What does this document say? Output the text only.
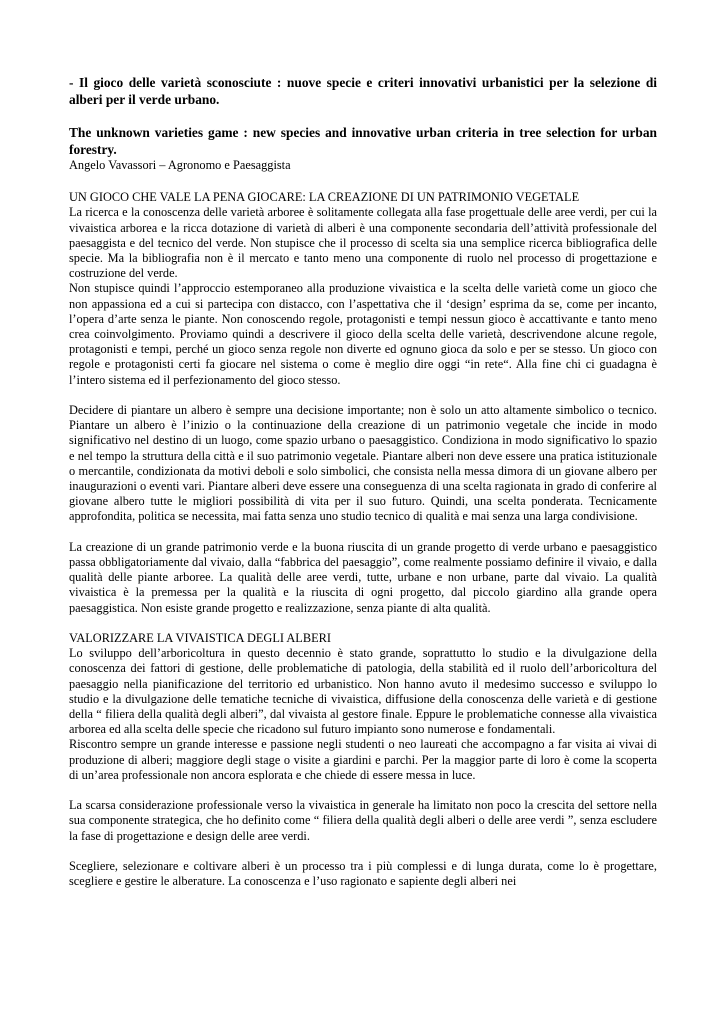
- Il gioco delle varietà sconosciute : nuove specie e criteri innovativi urbanistici per la selezione di alberi per il verde urbano.

The unknown varieties game : new species and innovative urban criteria in tree selection for urban forestry.

Angelo Vavassori – Agronomo e Paesaggista

UN GIOCO CHE VALE LA PENA GIOCARE: LA CREAZIONE DI UN PATRIMONIO VEGETALE

La ricerca e la conoscenza delle varietà arboree è solitamente collegata alla fase progettuale delle aree verdi, per cui la vivaistica arborea e la ricca dotazione di varietà di alberi è una componente secondaria dell’attività professionale del paesaggista e del tecnico del verde. Non stupisce che il processo di scelta sia una semplice ricerca bibliografica delle specie. Ma la bibliografia non è il mercato e tanto meno una componente di ruolo nel processo di progettazione e costruzione del verde.

Non stupisce quindi l’approccio estemporaneo alla produzione vivaistica e la scelta delle varietà come un gioco che non appassiona ed a cui si partecipa con distacco, con l’aspettativa che il ‘design’ esprima da se, come per incanto, l’opera d’arte senza le piante. Non conoscendo regole, protagonisti e tempi nessun gioco è accattivante e tanto meno crea coinvolgimento. Proviamo quindi a descrivere il gioco della scelta delle varietà, descrivendone alcune regole, protagonisti e tempi, perché un gioco senza regole non diverte ed ognuno gioca da solo e per se stesso. Un gioco con regole e protagonisti certi fa giocare nel sistema o come è meglio dire oggi “in rete“. Alla fine chi ci guadagna è l’intero sistema ed il perfezionamento del gioco stesso.

Decidere di piantare un albero è sempre una decisione importante; non è solo un atto altamente simbolico o tecnico. Piantare un albero è l’inizio o la continuazione della creazione di un patrimonio vegetale che incide in modo significativo nel destino di un luogo, come spazio urbano o paesaggistico. Condiziona in modo significativo lo spazio e nel tempo la struttura della città e il suo patrimonio vegetale. Piantare alberi non deve essere una pratica istituzionale o mercantile, condizionata da motivi deboli e solo simbolici, che consista nella messa dimora di un giovane albero per inaugurazioni o eventi vari. Piantare alberi deve essere una conseguenza di una scelta ragionata in grado di conferire al giovane albero tutte le migliori possibilità di vita per il suo futuro. Quindi, una scelta ponderata. Tecnicamente approfondita, politica se necessita, mai fatta senza uno studio tecnico di qualità e mai senza una larga condivisione.

La creazione di un grande patrimonio verde e la buona riuscita di un grande progetto di verde urbano e paesaggistico passa obbligatoriamente dal vivaio, dalla “fabbrica del paesaggio”, come realmente possiamo definire il vivaio, e dalla qualità delle piante arboree. La qualità delle aree verdi, tutte, urbane e non urbane, parte dal vivaio. La qualità vivaistica è la premessa per la qualità e la riuscita di ogni progetto, dal piccolo giardino alla grande opera paesaggistica. Non esiste grande progetto e realizzazione, senza piante di alta qualità.

VALORIZZARE LA VIVAISTICA DEGLI ALBERI

Lo sviluppo dell’arboricoltura in questo decennio è stato grande, soprattutto lo studio e la divulgazione della conoscenza dei fattori di gestione, delle problematiche di patologia, della stabilità ed il ruolo dell’arboricoltura del paesaggio nella pianificazione del territorio ed urbanistico. Non hanno avuto il medesimo successo e sviluppo lo studio e la divulgazione delle tematiche tecniche di vivaistica, diffusione della conoscenza delle varietà e di gestione della “ filiera della qualità degli alberi”, dal vivaista al gestore finale. Eppure le problematiche connesse alla vivaistica arborea ed alla scelta delle specie che ricadono sul futuro impianto sono numerose e fondamentali.

Riscontro sempre un grande interesse e passione negli studenti o neo laureati che accompagno a far visita ai vivai di produzione di alberi; maggiore degli stage o visite a giardini e parchi. Per la maggior parte di loro è come la scoperta di un’area professionale non ancora esplorata e che chiede di essere messa in luce.

La scarsa considerazione professionale verso la vivaistica in generale ha limitato non poco la crescita del settore nella sua componente strategica, che ho definito come “ filiera della qualità degli alberi o delle aree verdi ”, senza escludere la fase di progettazione e design delle aree verdi.

Scegliere, selezionare e coltivare alberi è un processo tra i più complessi e di lunga durata, come lo è progettare, scegliere e gestire le alberature. La conoscenza e l’uso ragionato e sapiente degli alberi nei
